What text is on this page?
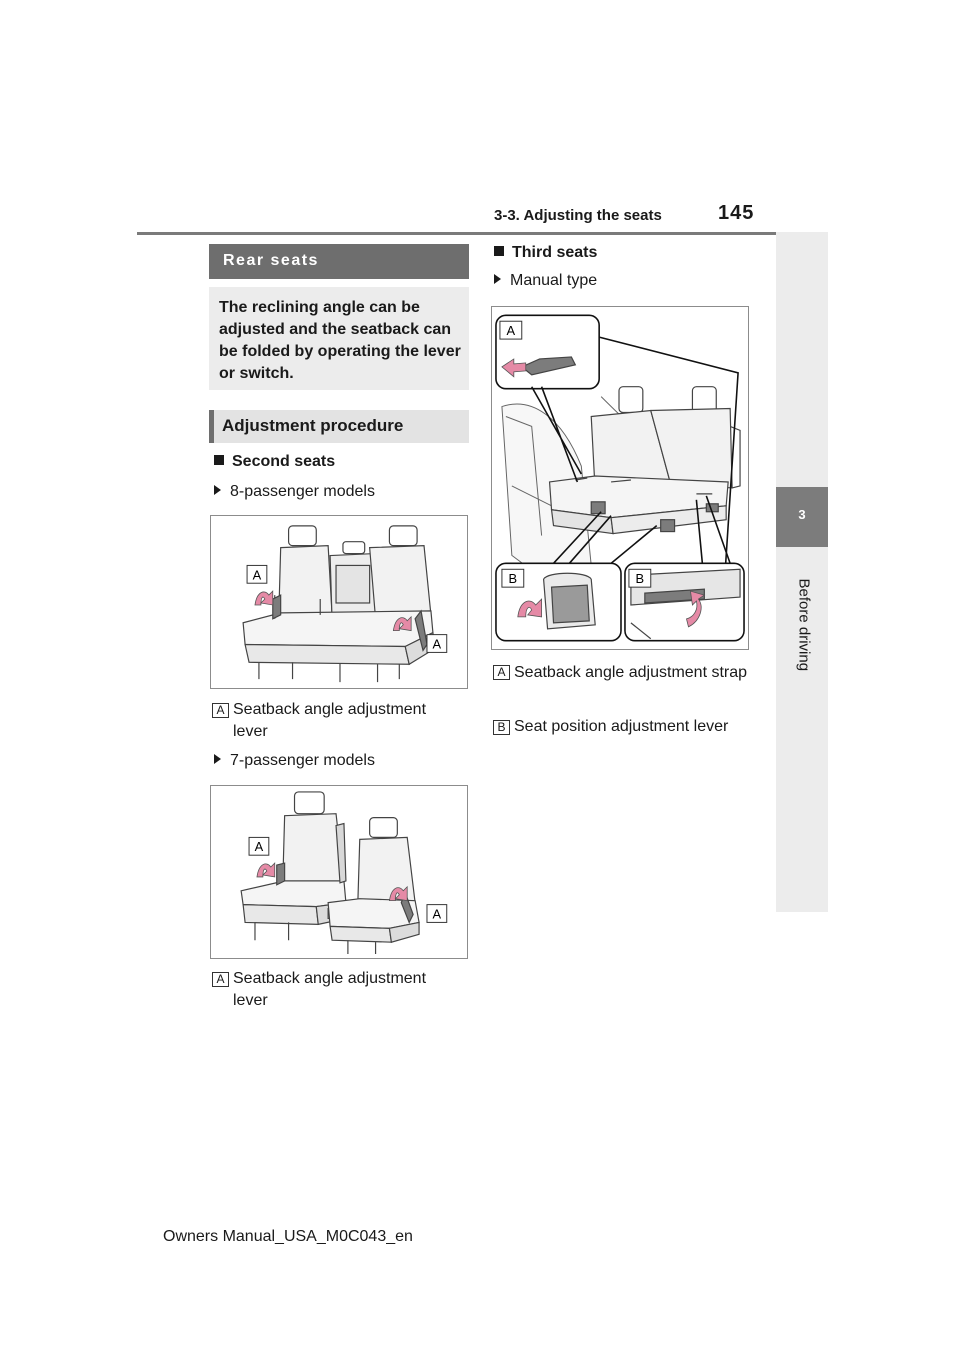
3-3. Adjusting the seats	145
3
Before driving
Rear seats
The reclining angle can be adjusted and the seatback can be folded by operating the lever or switch.
Adjustment procedure
Second seats
8-passenger models
A
A
A Seatback angle adjustment lever
7-passenger models
A
A
A Seatback angle adjustment lever
Third seats
Manual type
A
B	B
A Seatback angle adjustment strap
B Seat position adjustment lever
Owners Manual_USA_M0C043_en
